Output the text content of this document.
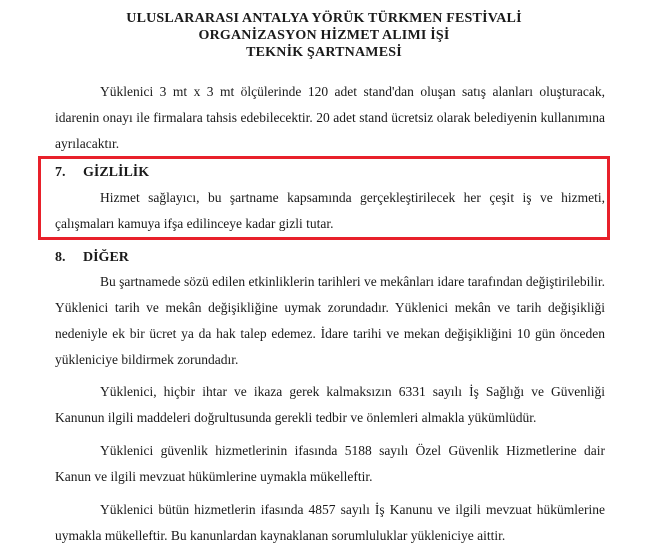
ULUSLARARASI ANTALYA YÖRÜK TÜRKMEN FESTİVALİ
ORGANİZASYON HİZMET ALIMI İŞİ
TEKNİK ŞARTNAMESİ

Yüklenici 3 mt x 3 mt ölçülerinde 120 adet stand'dan oluşan satış alanları oluşturacak, idarenin onayı ile firmalara tahsis edebilecektir. 20 adet stand ücretsiz olarak belediyenin kullanımına ayrılacaktır.

7. GİZLİLİK

Hizmet sağlayıcı, bu şartname kapsamında gerçekleştirilecek her çeşit iş ve hizmeti, çalışmaları kamuya ifşa edilinceye kadar gizli tutar.

8. DİĞER

Bu şartnamede sözü edilen etkinliklerin tarihleri ve mekânları idare tarafından değiştirilebilir. Yüklenici tarih ve mekân değişikliğine uymak zorundadır. Yüklenici mekân ve tarih değişikliği nedeniyle ek bir ücret ya da hak talep edemez. İdare tarihi ve mekan değişikliğini 10 gün önceden yükleniciye bildirmek zorundadır.

Yüklenici, hiçbir ihtar ve ikaza gerek kalmaksızın 6331 sayılı İş Sağlığı ve Güvenliği Kanunun ilgili maddeleri doğrultusunda gerekli tedbir ve önlemleri almakla yükümlüdür.

Yüklenici güvenlik hizmetlerinin ifasında 5188 sayılı Özel Güvenlik Hizmetlerine dair Kanun ve ilgili mevzuat hükümlerine uymakla mükelleftir.

Yüklenici bütün hizmetlerin ifasında 4857 sayılı İş Kanunu ve ilgili mevzuat hükümlerine uymakla mükelleftir. Bu kanunlardan kaynaklanan sorumluluklar yükleniciye aittir.
